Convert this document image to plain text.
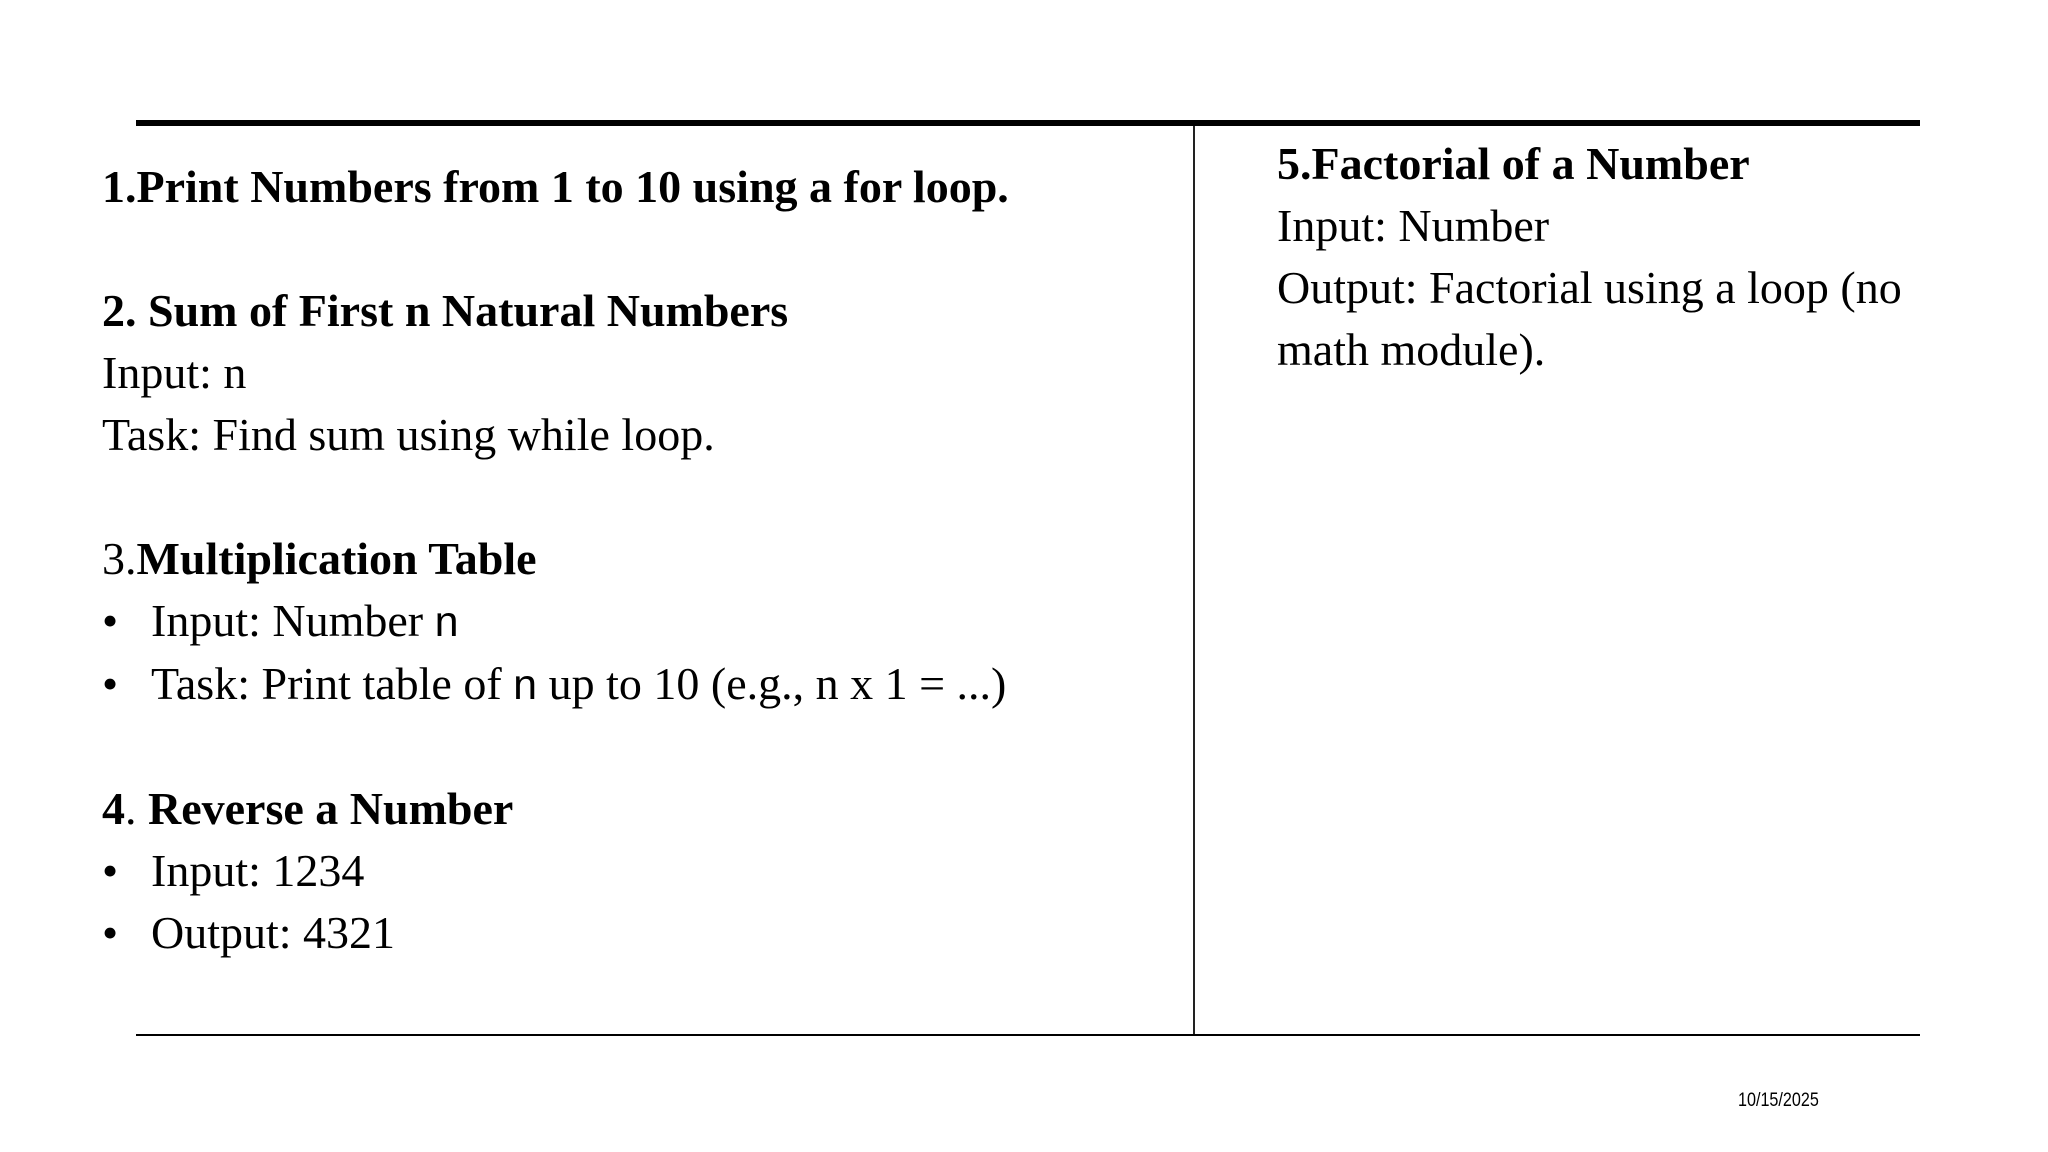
1.Print Numbers from 1 to 10 using a for loop.
2. Sum of First n Natural Numbers
Input: n
Task: Find sum using while loop.
3.Multiplication Table
• Input: Number n
• Task: Print table of n up to 10 (e.g., n x 1 = ...)
4. Reverse a Number
• Input: 1234
• Output: 4321
5.Factorial of a Number
Input: Number
Output: Factorial using a loop (no math module).
10/15/2025
